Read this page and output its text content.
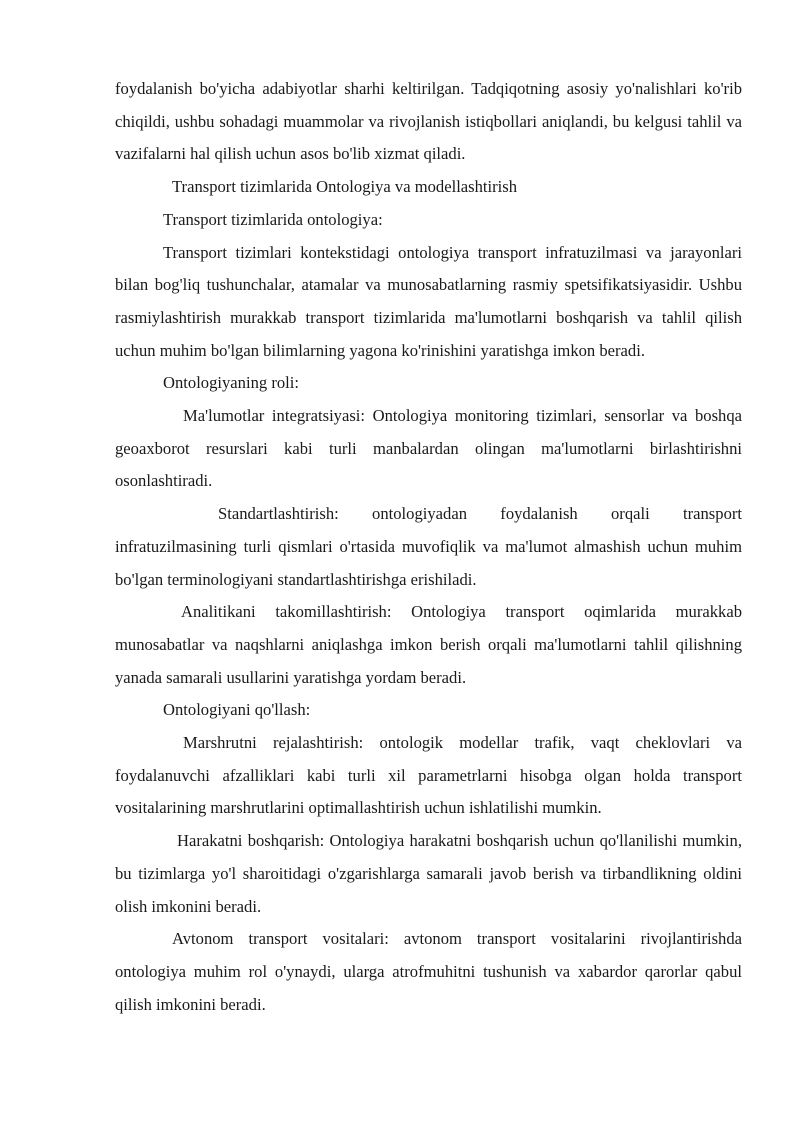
foydalanish bo'yicha adabiyotlar sharhi keltirilgan. Tadqiqotning asosiy yo'nalishlari ko'rib chiqildi, ushbu sohadagi muammolar va rivojlanish istiqbollari aniqlandi, bu kelgusi tahlil va vazifalarni hal qilish uchun asos bo'lib xizmat qiladi.

Transport tizimlarida Ontologiya va modellashtirish

Transport tizimlarida ontologiya:

Transport tizimlari kontekstidagi ontologiya transport infratuzilmasi va jarayonlari bilan bog'liq tushunchalar, atamalar va munosabatlarning rasmiy spetsifikatsiyasidir. Ushbu rasmiylashtirish murakkab transport tizimlarida ma'lumotlarni boshqarish va tahlil qilish uchun muhim bo'lgan bilimlarning yagona ko'rinishini yaratishga imkon beradi.

Ontologiyaning roli:

Ma'lumotlar integratsiyasi: Ontologiya monitoring tizimlari, sensorlar va boshqa geoaxborot resurslari kabi turli manbalardan olingan ma'lumotlarni birlashtirishni osonlashtiradi.

Standartlashtirish: ontologiyadan foydalanish orqali transport infratuzilmasining turli qismlari o'rtasida muvofiqlik va ma'lumot almashish uchun muhim bo'lgan terminologiyani standartlashtirishga erishiladi.

Analitikani takomillashtirish: Ontologiya transport oqimlarida murakkab munosabatlar va naqshlarni aniqlashga imkon berish orqali ma'lumotlarni tahlil qilishning yanada samarali usullarini yaratishga yordam beradi.

Ontologiyani qo'llash:

Marshrutni rejalashtirish: ontologik modellar trafik, vaqt cheklovlari va foydalanuvchi afzalliklari kabi turli xil parametrlarni hisobga olgan holda transport vositalarining marshrutlarini optimallashtirish uchun ishlatilishi mumkin.

Harakatni boshqarish: Ontologiya harakatni boshqarish uchun qo'llanilishi mumkin, bu tizimlarga yo'l sharoitidagi o'zgarishlarga samarali javob berish va tirbandlikning oldini olish imkonini beradi.

Avtonom transport vositalari: avtonom transport vositalarini rivojlantirishda ontologiya muhim rol o'ynaydi, ularga atrofmuhitni tushunish va xabardor qarorlar qabul qilish imkonini beradi.
